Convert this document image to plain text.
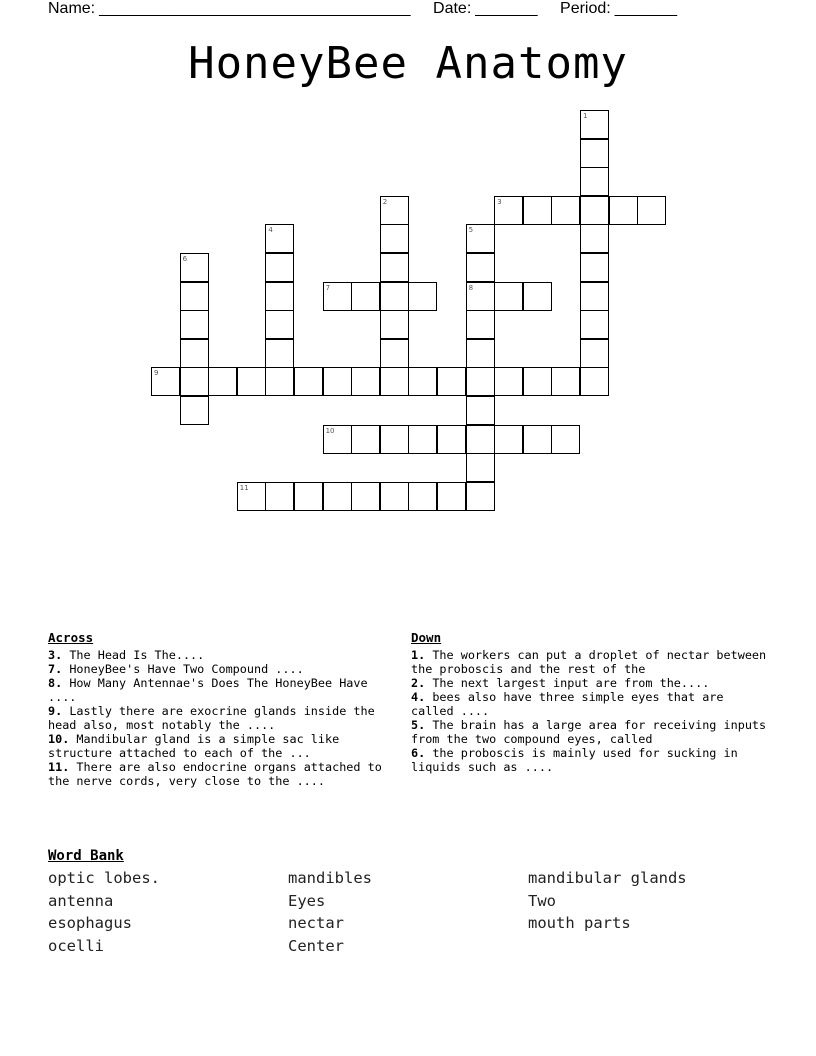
Name: ___________________________________ Date: _______ Period: _______
HoneyBee Anatomy
1
2	3
4	5
8
6
7
9
10
11
Across
3. The Head Is The....
7. HoneyBee's Have Two Compound ....
8. How Many Antennae's Does The HoneyBee Have ....
9. Lastly there are exocrine glands inside the head also, most notably the ....
10. Mandibular gland is a simple sac like structure attached to each of the ...
11. There are also endocrine organs attached to the nerve cords, very close to the ....
Down
1. The workers can put a droplet of nectar between the proboscis and the rest of the
2. The next largest input are from the....
4. bees also have three simple eyes that are called ....
5. The brain has a large area for receiving inputs from the two compound eyes, called
6. the proboscis is mainly used for sucking in liquids such as ....
Word Bank
optic lobes.	mandibles	mandibular glands
antenna	Eyes	Two
esophagus	nectar	mouth parts
ocelli	Center
